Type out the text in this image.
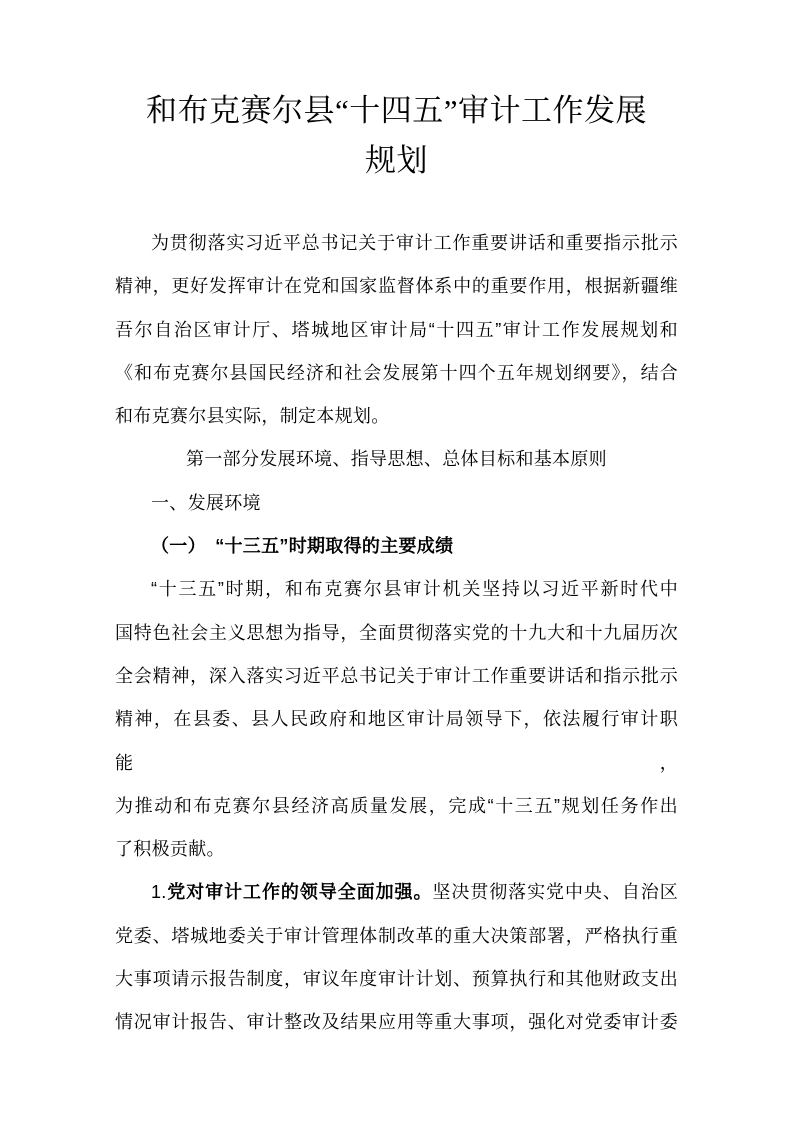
和布克赛尔县“十四五”审计工作发展
规划
为贯彻落实习近平总书记关于审计工作重要讲话和重要指示批示
精神，更好发挥审计在党和国家监督体系中的重要作用，根据新疆维
吾尔自治区审计厅、塔城地区审计局“十四五”审计工作发展规划和
《和布克赛尔县国民经济和社会发展第十四个五年规划纲要》，结合
和布克赛尔县实际，制定本规划。
第一部分发展环境、指导思想、总体目标和基本原则
一、发展环境
（一）　“十三五”时期取得的主要成绩
“十三五”时期，和布克赛尔县审计机关坚持以习近平新时代中
国特色社会主义思想为指导，全面贯彻落实党的十九大和十九届历次
全会精神，深入落实习近平总书记关于审计工作重要讲话和指示批示
精神，在县委、县人民政府和地区审计局领导下，依法履行审计职能，
为推动和布克赛尔县经济高质量发展，完成“十三五”规划任务作出
了积极贡献。
1.党对审计工作的领导全面加强。坚决贯彻落实党中央、自治区
党委、塔城地委关于审计管理体制改革的重大决策部署，严格执行重
大事项请示报告制度，审议年度审计计划、预算执行和其他财政支出
情况审计报告、审计整改及结果应用等重大事项，强化对党委审计委
